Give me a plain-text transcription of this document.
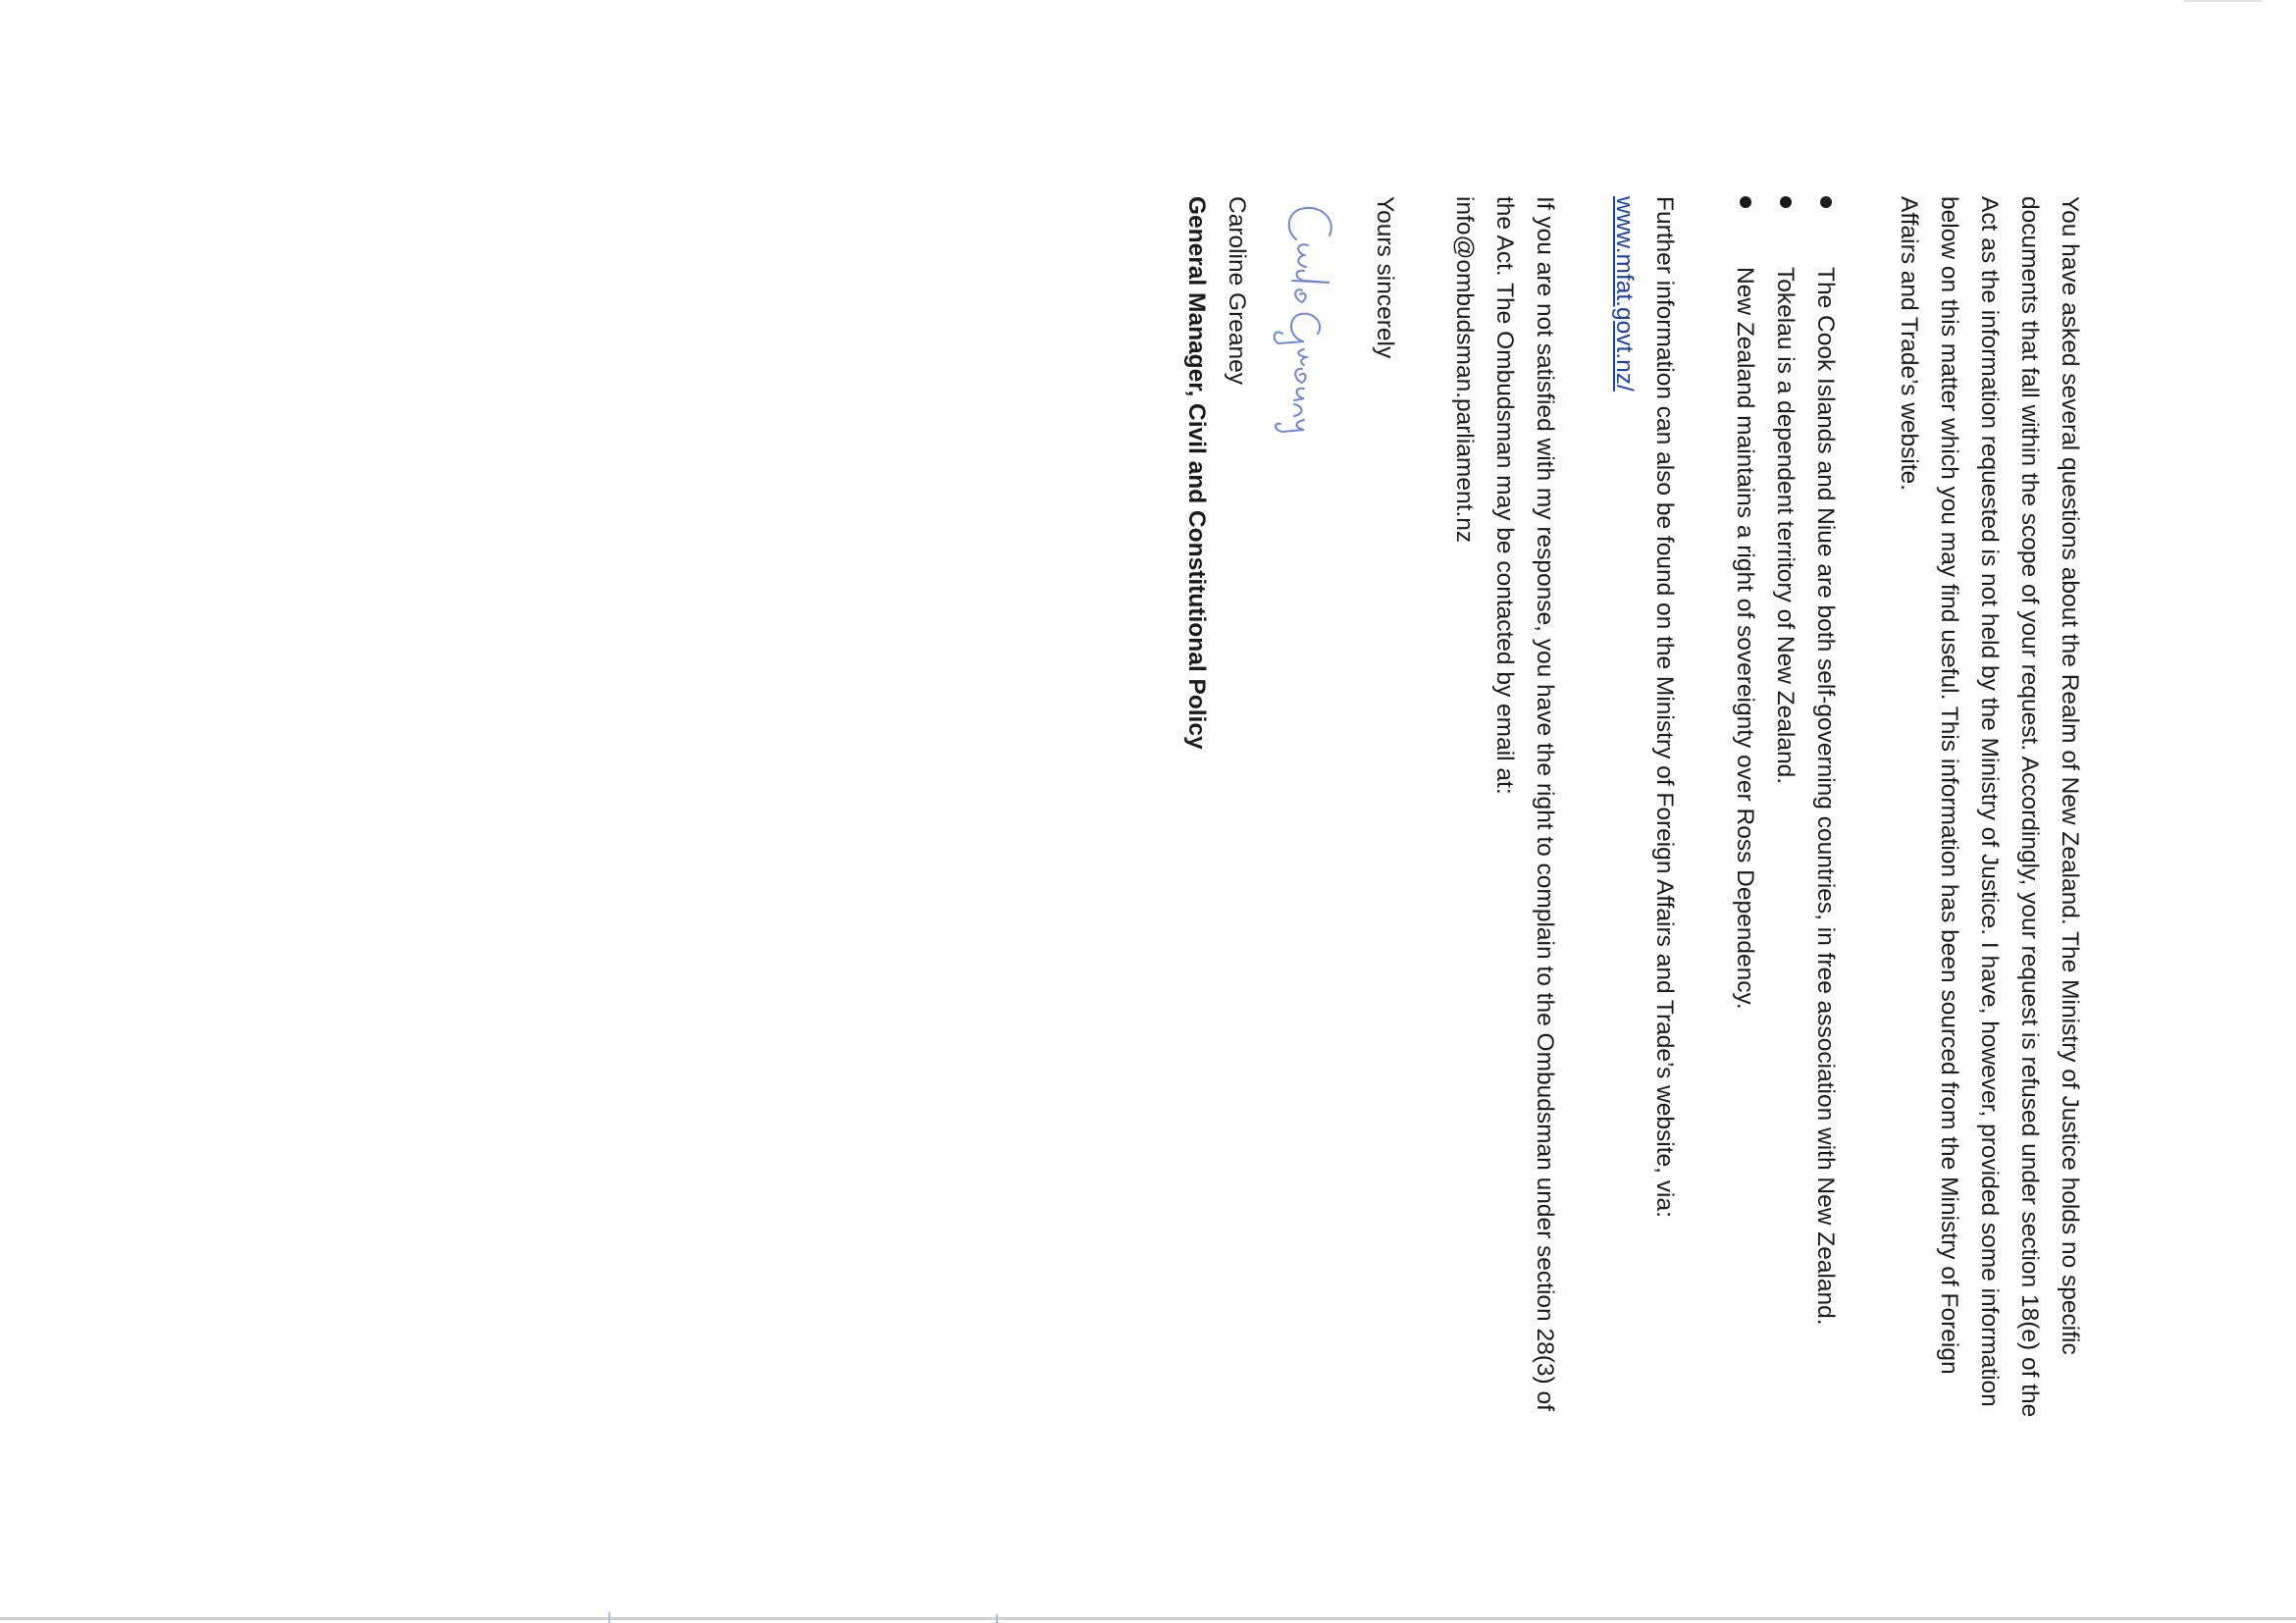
You have asked several questions about the Realm of New Zealand. The Ministry of Justice holds no specific documents that fall within the scope of your request. Accordingly, your request is refused under section 18(e) of the Act as the information requested is not held by the Ministry of Justice. I have, however, provided some information below on this matter which you may find useful. This information has been sourced from the Ministry of Foreign Affairs and Trade’s website.

The Cook Islands and Niue are both self-governing countries, in free association with New Zealand.
Tokelau is a dependent territory of New Zealand.
New Zealand maintains a right of sovereignty over Ross Dependency.

Further information can also be found on the Ministry of Foreign Affairs and Trade’s website, via:
www.mfat.govt.nz/

If you are not satisfied with my response, you have the right to complain to the Ombudsman under section 28(3) of the Act. The Ombudsman may be contacted by email at:
info@ombudsman.parliament.nz

Yours sincerely

Caroline Greaney

General Manager, Civil and Constitutional Policy
